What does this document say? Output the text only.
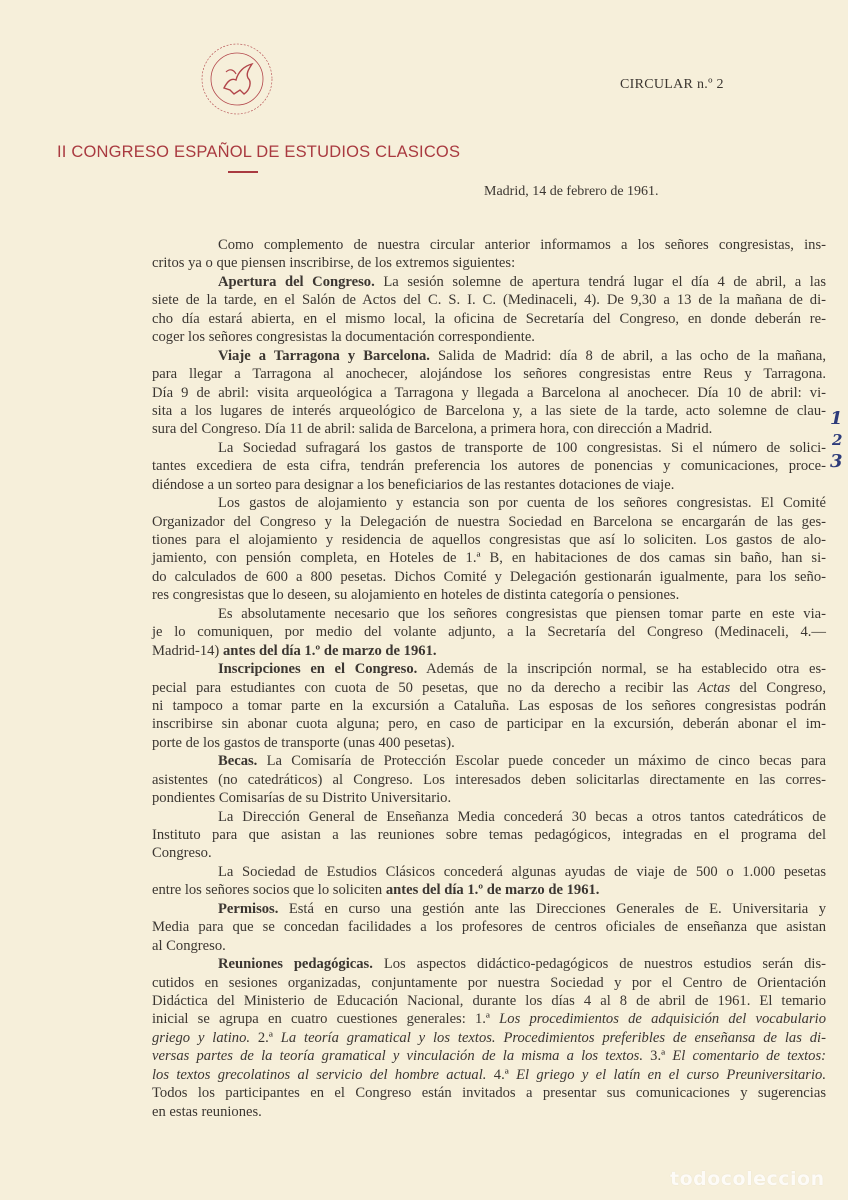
CIRCULAR n.º 2
II CONGRESO ESPAÑOL DE ESTUDIOS CLASICOS
Madrid, 14 de febrero de 1961.
Como complemento de nuestra circular anterior informamos a los señores congresistas, ins-
critos ya o que piensen inscribirse, de los extremos siguientes:
Apertura del Congreso. La sesión solemne de apertura tendrá lugar el día 4 de abril, a las
siete de la tarde, en el Salón de Actos del C. S. I. C. (Medinaceli, 4). De 9,30 a 13 de la mañana de di-
cho día estará abierta, en el mismo local, la oficina de Secretaría del Congreso, en donde deberán re-
coger los señores congresistas la documentación correspondiente.
Viaje a Tarragona y Barcelona. Salida de Madrid: día 8 de abril, a las ocho de la mañana,
para llegar a Tarragona al anochecer, alojándose los señores congresistas entre Reus y Tarragona.
Día 9 de abril: visita arqueológica a Tarragona y llegada a Barcelona al anochecer. Día 10 de abril: vi-
sita a los lugares de interés arqueológico de Barcelona y, a las siete de la tarde, acto solemne de clau-
sura del Congreso. Día 11 de abril: salida de Barcelona, a primera hora, con dirección a Madrid.
La Sociedad sufragará los gastos de transporte de 100 congresistas. Si el número de solici-
tantes excediera de esta cifra, tendrán preferencia los autores de ponencias y comunicaciones, proce-
diéndose a un sorteo para designar a los beneficiarios de las restantes dotaciones de viaje.
Los gastos de alojamiento y estancia son por cuenta de los señores congresistas. El Comité
Organizador del Congreso y la Delegación de nuestra Sociedad en Barcelona se encargarán de las ges-
tiones para el alojamiento y residencia de aquellos congresistas que así lo soliciten. Los gastos de alo-
jamiento, con pensión completa, en Hoteles de 1.ª B, en habitaciones de dos camas sin baño, han si-
do calculados de 600 a 800 pesetas. Dichos Comité y Delegación gestionarán igualmente, para los seño-
res congresistas que lo deseen, su alojamiento en hoteles de distinta categoría o pensiones.
Es absolutamente necesario que los señores congresistas que piensen tomar parte en este via-
je lo comuniquen, por medio del volante adjunto, a la Secretaría del Congreso (Medinaceli, 4.—
Madrid-14) antes del día 1.º de marzo de 1961.
Inscripciones en el Congreso. Además de la inscripción normal, se ha establecido otra es-
pecial para estudiantes con cuota de 50 pesetas, que no da derecho a recibir las Actas del Congreso,
ni tampoco a tomar parte en la excursión a Cataluña. Las esposas de los señores congresistas podrán
inscribirse sin abonar cuota alguna; pero, en caso de participar en la excursión, deberán abonar el im-
porte de los gastos de transporte (unas 400 pesetas).
Becas. La Comisaría de Protección Escolar puede conceder un máximo de cinco becas para
asistentes (no catedráticos) al Congreso. Los interesados deben solicitarlas directamente en las corres-
pondientes Comisarías de su Distrito Universitario.
La Dirección General de Enseñanza Media concederá 30 becas a otros tantos catedráticos de
Instituto para que asistan a las reuniones sobre temas pedagógicos, integradas en el programa del
Congreso.
La Sociedad de Estudios Clásicos concederá algunas ayudas de viaje de 500 o 1.000 pesetas
entre los señores socios que lo soliciten antes del día 1.º de marzo de 1961.
Permisos. Está en curso una gestión ante las Direcciones Generales de E. Universitaria y
Media para que se concedan facilidades a los profesores de centros oficiales de enseñanza que asistan
al Congreso.
Reuniones pedagógicas. Los aspectos didáctico-pedagógicos de nuestros estudios serán dis-
cutidos en sesiones organizadas, conjuntamente por nuestra Sociedad y por el Centro de Orientación
Didáctica del Ministerio de Educación Nacional, durante los días 4 al 8 de abril de 1961. El temario
inicial se agrupa en cuatro cuestiones generales: 1.ª Los procedimientos de adquisición del vocabulario
griego y latino. 2.ª La teoría gramatical y los textos. Procedimientos preferibles de enseñansa de las di-
versas partes de la teoría gramatical y vinculación de la misma a los textos. 3.ª El comentario de textos:
los textos grecolatinos al servicio del hombre actual. 4.ª El griego y el latín en el curso Preuniversitario.
Todos los participantes en el Congreso están invitados a presentar sus comunicaciones y sugerencias
en estas reuniones.
1
2
3
todocoleccion
